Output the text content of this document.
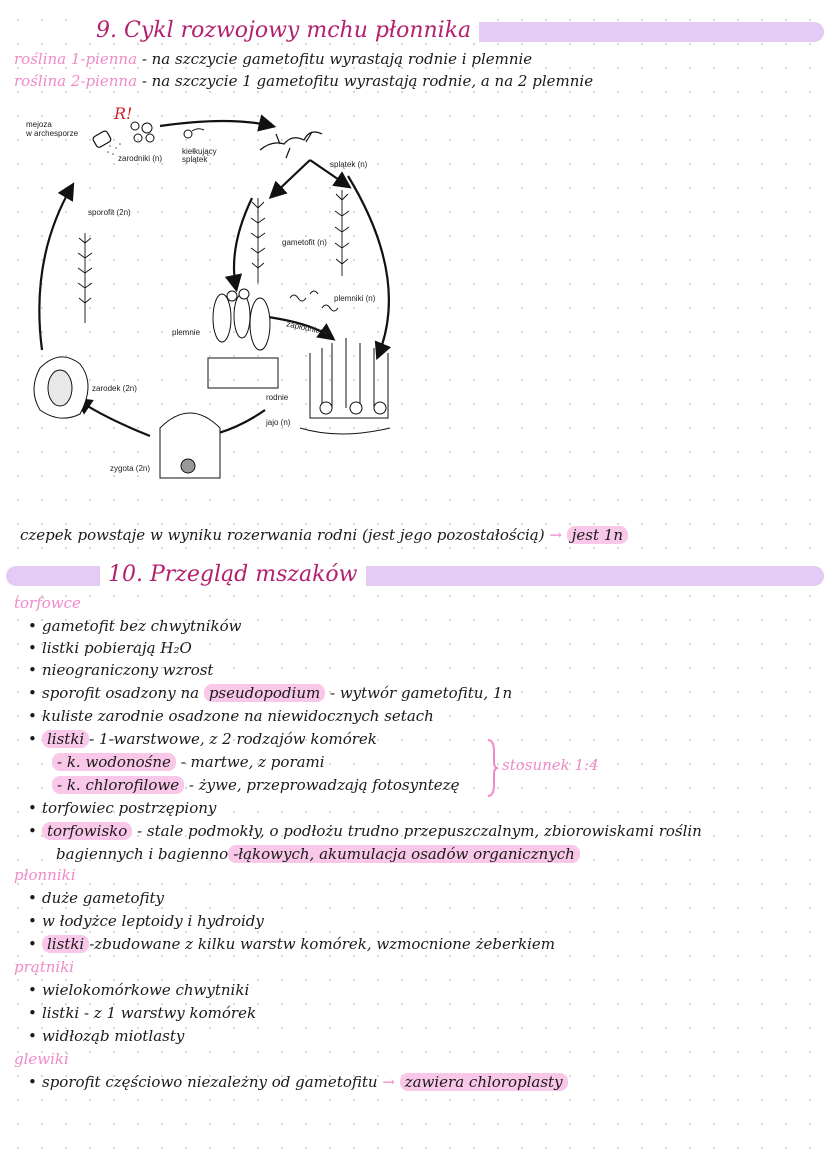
9. Cykl rozwojowy mchu płonnika
roślina 1-pienna - na szczycie gametofitu wyrastają rodnie i plemnie
roślina 2-pienna - na szczycie 1 gametofitu wyrastają rodnie, a na 2 plemnie
R!
mejoza
w archesporze
zarodniki (n)
kiełkujący
splątek
splątek (n)
sporofit (2n)
gametofit (n)
plemniki (n)
plemnie	zapłodnienie
zarodek (2n)
rodnie
jajo (n)
zygota (2n)
czepek powstaje w wyniku rozerwania rodni (jest jego pozostałością) → jest 1n
10. Przegląd mszaków
torfowce
• gametofit bez chwytników
• listki pobierają H₂O
• nieograniczony wzrost
• sporofit osadzony na pseudopodium - wytwór gametofitu, 1n
• kuliste zarodnie osadzone na niewidocznych setach
• listki - 1-warstwowe, z 2 rodzajów komórek
- k. wodonośne - martwe, z porami
- k. chlorofilowe - żywe, przeprowadzają fotosyntezę
stosunek 1:4
• torfowiec postrzępiony
• torfowisko - stale podmokły, o podłożu trudno przepuszczalnym, zbiorowiskami roślin
bagiennych i bagienno -łąkowych, akumulacja osadów organicznych
płonniki
• duże gametofity
• w łodyżce leptoidy i hydroidy
• listki -zbudowane z kilku warstw komórek, wzmocnione żeberkiem
prątniki
• wielokomórkowe chwytniki
• listki - z 1 warstwy komórek
• widłoząb miotlasty
glewiki
• sporofit częściowo niezależny od gametofitu → zawiera chloroplasty
